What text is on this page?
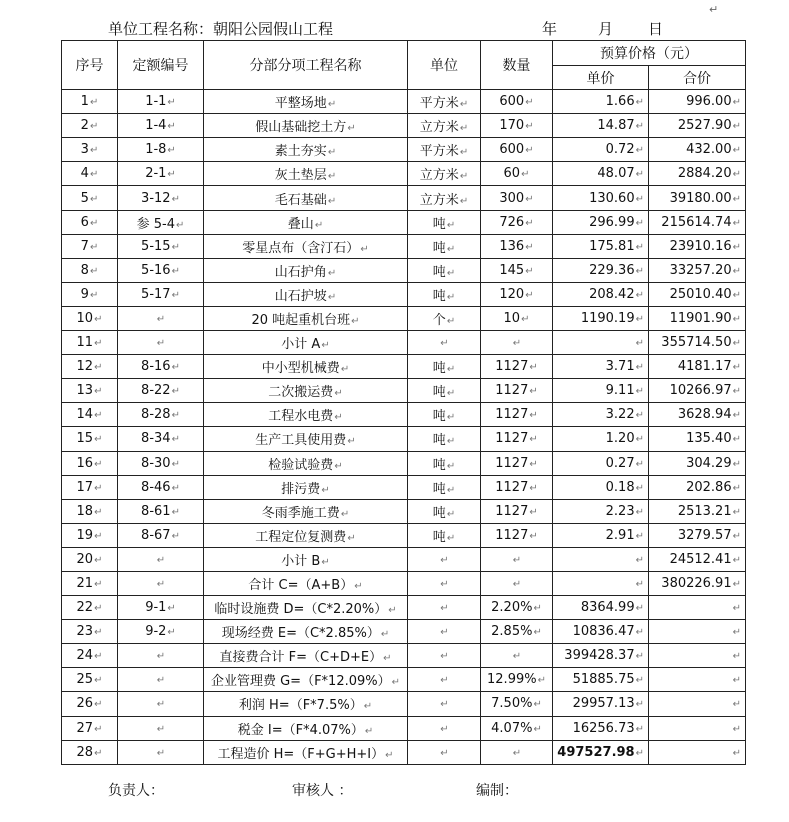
单位工程名称：朝阳公园假山工程	年	月 日
↵
序号	定额编号	分部分项工程名称	单位	数量	预算价格（元）	
					单价	合价
1↵	1-1↵	平整场地↵	平方米↵	600↵	1.66↵	996.00↵
2↵	1-4↵	假山基础挖土方↵	立方米↵	170↵	14.87↵	2527.90↵
3↵	1-8↵	素土夯实↵	平方米↵	600↵	0.72↵	432.00↵
4↵	2-1↵	灰土垫层↵	立方米↵	60↵	48.07↵	2884.20↵
5↵	3-12↵	毛石基础↵	立方米↵	300↵	130.60↵	39180.00↵
6↵	参 5-4↵	叠山↵	吨↵	726↵	296.99↵	215614.74↵
7↵	5-15↵	零星点布（含汀石）↵	吨↵	136↵	175.81↵	23910.16↵
8↵	5-16↵	山石护角↵	吨↵	145↵	229.36↵	33257.20↵
9↵	5-17↵	山石护坡↵	吨↵	120↵	208.42↵	25010.40↵
10↵	↵	20 吨起重机台班↵	个↵	10↵	1190.19↵	11901.90↵
11↵	↵	小计 A↵	↵	↵	↵	355714.50↵
12↵	8-16↵	中小型机械费↵	吨↵	1127↵	3.71↵	4181.17↵
13↵	8-22↵	二次搬运费↵	吨↵	1127↵	9.11↵	10266.97↵
14↵	8-28↵	工程水电费↵	吨↵	1127↵	3.22↵	3628.94↵
15↵	8-34↵	生产工具使用费↵	吨↵	1127↵	1.20↵	135.40↵
16↵	8-30↵	检验试验费↵	吨↵	1127↵	0.27↵	304.29↵
17↵	8-46↵	排污费↵	吨↵	1127↵	0.18↵	202.86↵
18↵	8-61↵	冬雨季施工费↵	吨↵	1127↵	2.23↵	2513.21↵
19↵	8-67↵	工程定位复测费↵	吨↵	1127↵	2.91↵	3279.57↵
20↵	↵	小计 B↵	↵	↵	↵	24512.41↵
21↵	↵	合计 C=（A+B）↵	↵	↵	↵	380226.91↵
22↵	9-1↵	临时设施费 D=（C*2.20%）↵	↵	2.20%↵	8364.99↵	↵
23↵	9-2↵	现场经费 E=（C*2.85%）↵	↵	2.85%↵	10836.47↵	↵
24↵	↵	直接费合计 F=（C+D+E）↵	↵	↵	399428.37↵	↵
25↵	↵	企业管理费 G=（F*12.09%）↵	↵	12.99%↵	51885.75↵	↵
26↵	↵	利润 H=（F*7.5%）↵	↵	7.50%↵	29957.13↵	↵
27↵	↵	税金 I=（F*4.07%）↵	↵	4.07%↵	16256.73↵	↵
28↵	↵	工程造价 H=（F+G+H+I）↵	↵	↵	497527.98↵	↵
负责人：	审核人 ：	编制：
